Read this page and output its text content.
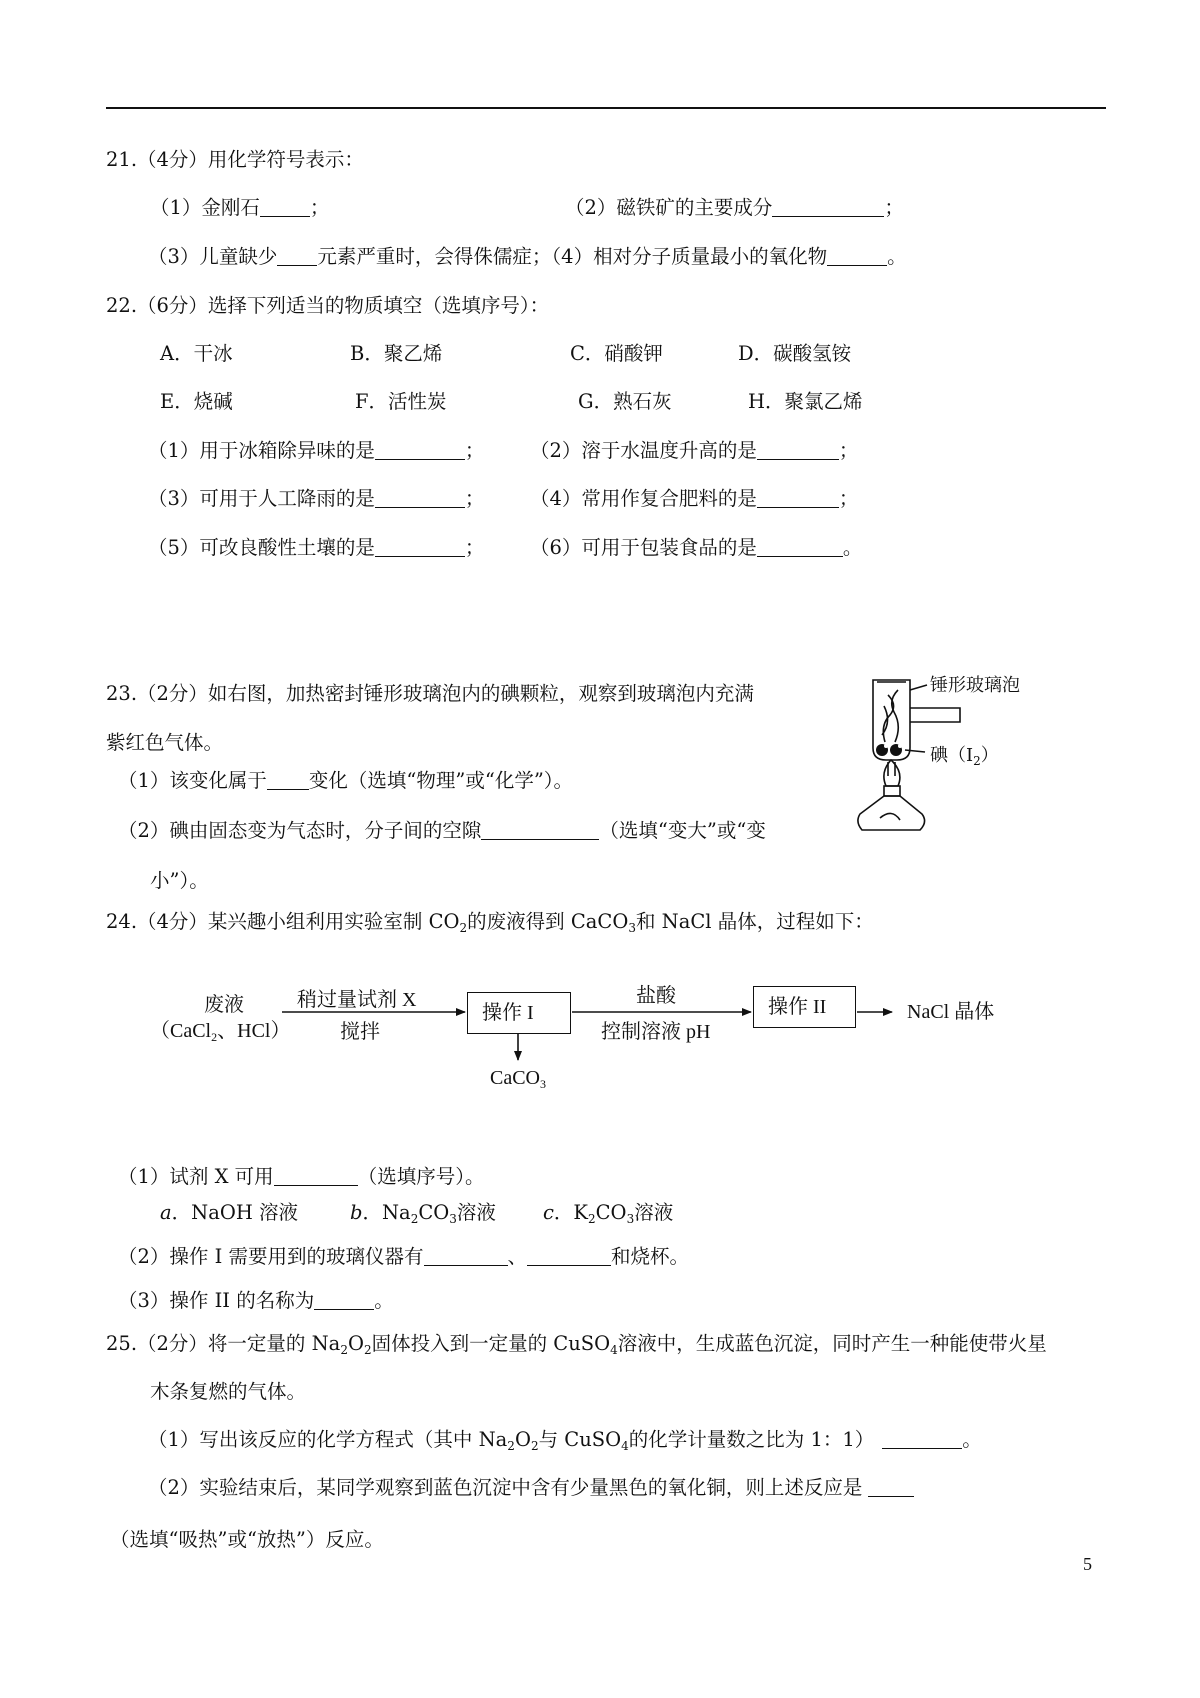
21.（4分）用化学符号表示：
（1）金刚石	；	（2）磁铁矿的主要成分	；
（3）儿童缺少 元素严重时，会得侏儒症；（4）相对分子质量最小的氧化物	。
22.（6分）选择下列适当的物质填空（选填序号）：
A．干冰	B．聚乙烯	C．硝酸钾	D．碳酸氢铵
E．烧碱	F．活性炭	G．熟石灰	H．聚氯乙烯
（1）用于冰箱除异味的是	； （2）溶于水温度升高的是	；
（3）可用于人工降雨的是	； （4）常用作复合肥料的是	；
（5）可改良酸性土壤的是	； （6）可用于包装食品的是	。
23.（2分）如右图，加热密封锤形玻璃泡内的碘颗粒，观察到玻璃泡内充满
紫红色气体。
（1）该变化属于 变化（选填“物理”或“化学”）。
（2）碘由固态变为气态时，分子间的空隙	（选填“变大”或“变
小”）。
锤形玻璃泡
碘$(I_2)$
24.（4分）某兴趣小组利用实验室制 $CO_2$的废液得到 CaCO$_3$和 NaCl 晶体，过程如下：
废液
（CaCl$_2$、HCl）
稍过量试剂 X
搅拌
操作 I
盐酸
控制溶液 pH
操作 II	NaCl 晶体
CaCO$_3$
（1）试剂 X 可用	（选填序号）。
a．NaOH 溶液	b．$Na_2CO_3$溶液 c．$K_2CO_3$溶液
（2）操作 I 需要用到的玻璃仪器有	、	和烧杯。
（3）操作 II 的名称为	。
25.（2分）将一定量的 $Na_2O_2$固体投入到一定量的 CuSO$_4$溶液中，生成蓝色沉淀，同时产生一种能使带火星
木条复燃的气体。
（1）写出该反应的化学方程式（其中 $Na_2O_2$与 CuSO$_4$的化学计量数之比为 1：1）	。
（2）实验结束后，某同学观察到蓝色沉淀中含有少量黑色的氧化铜，则上述反应是
（选填“吸热”或“放热”）反应。
5
